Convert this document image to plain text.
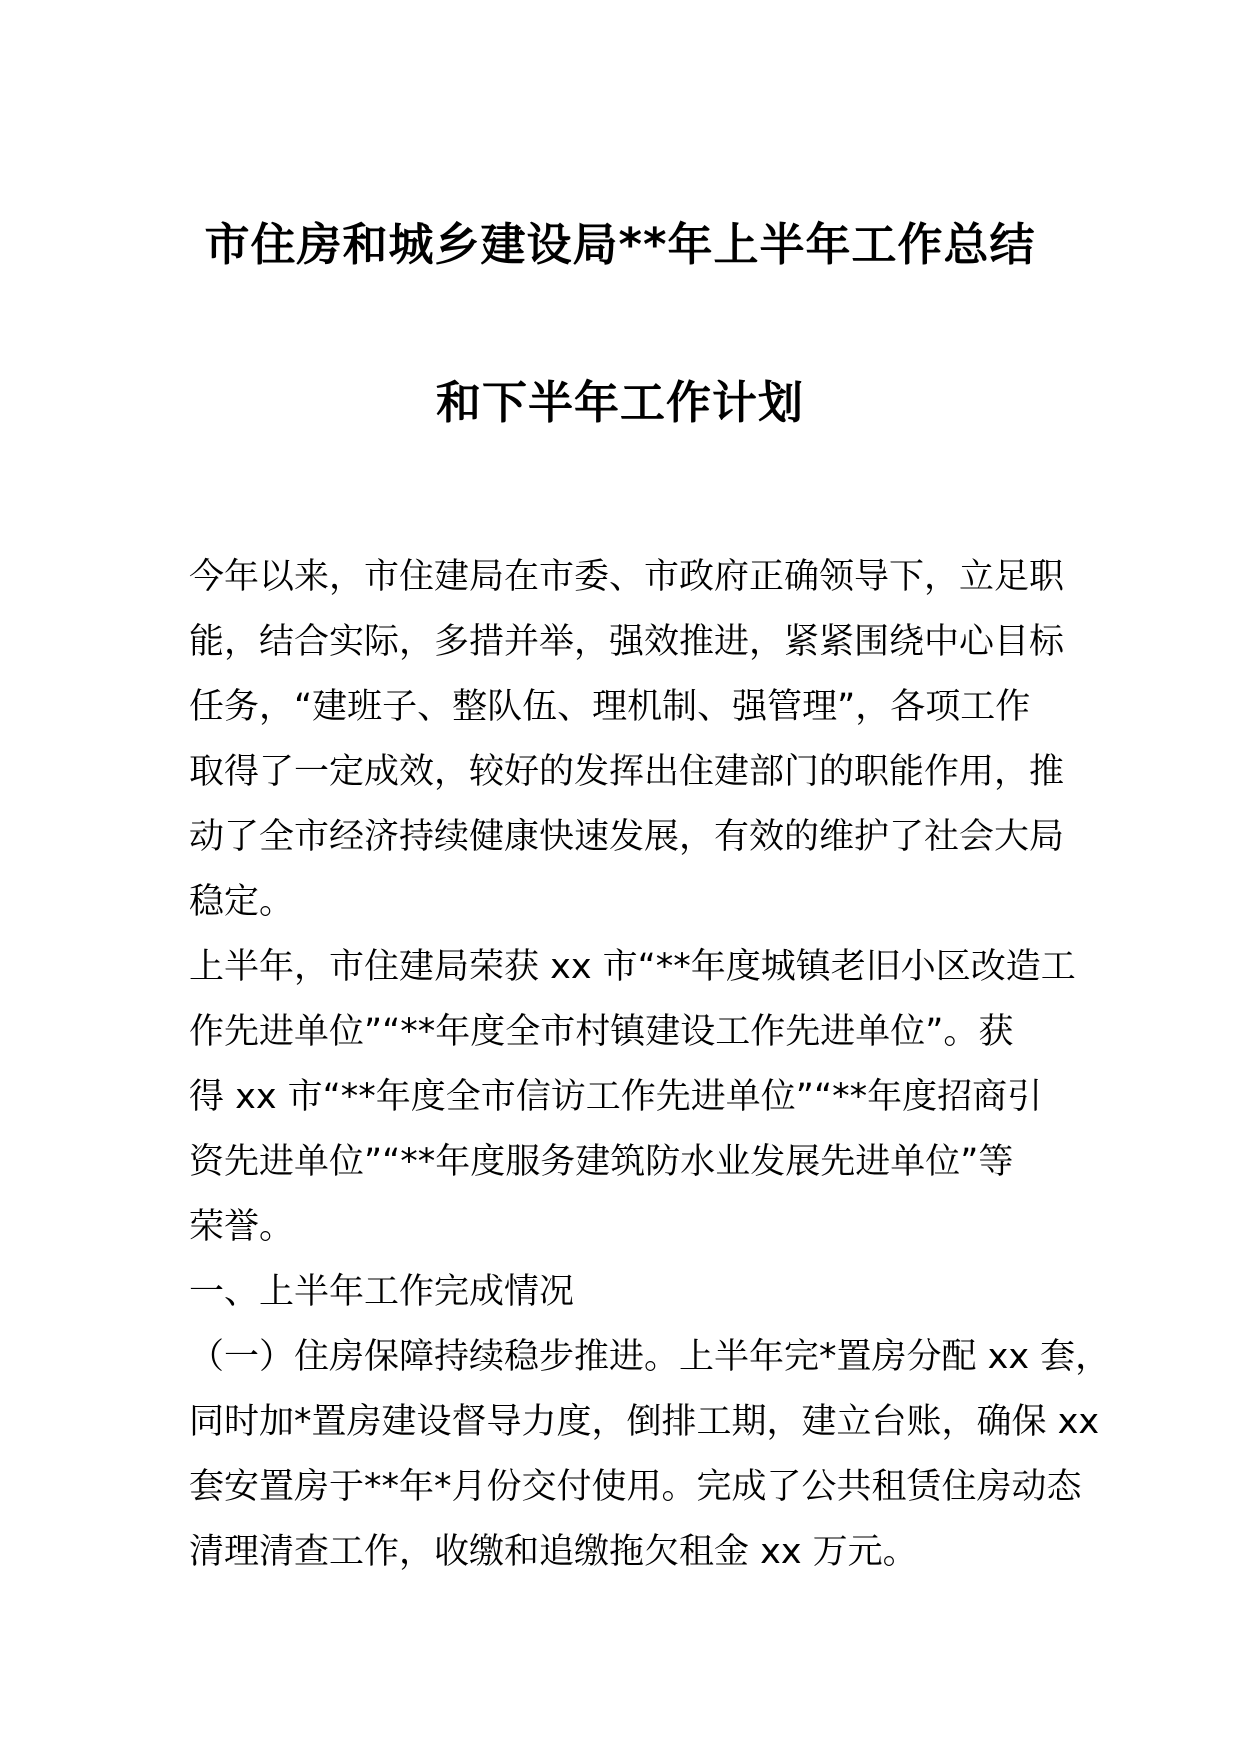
市住房和城乡建设局**年上半年工作总结
和下半年工作计划
今年以来，市住建局在市委、市政府正确领导下，立足职
能，结合实际，多措并举，强效推进，紧紧围绕中心目标
任务，“建班子、整队伍、理机制、强管理”，各项工作
取得了一定成效，较好的发挥出住建部门的职能作用，推
动了全市经济持续健康快速发展，有效的维护了社会大局
稳定。
上半年，市住建局荣获 xx 市“**年度城镇老旧小区改造工
作先进单位”“**年度全市村镇建设工作先进单位”。获
得 xx 市“**年度全市信访工作先进单位”“**年度招商引
资先进单位”“**年度服务建筑防水业发展先进单位”等
荣誉。
一、上半年工作完成情况
（一）住房保障持续稳步推进。上半年完*置房分配 xx 套，
同时加*置房建设督导力度，倒排工期，建立台账，确保 xx
套安置房于**年*月份交付使用。完成了公共租赁住房动态
清理清查工作，收缴和追缴拖欠租金 xx 万元。
